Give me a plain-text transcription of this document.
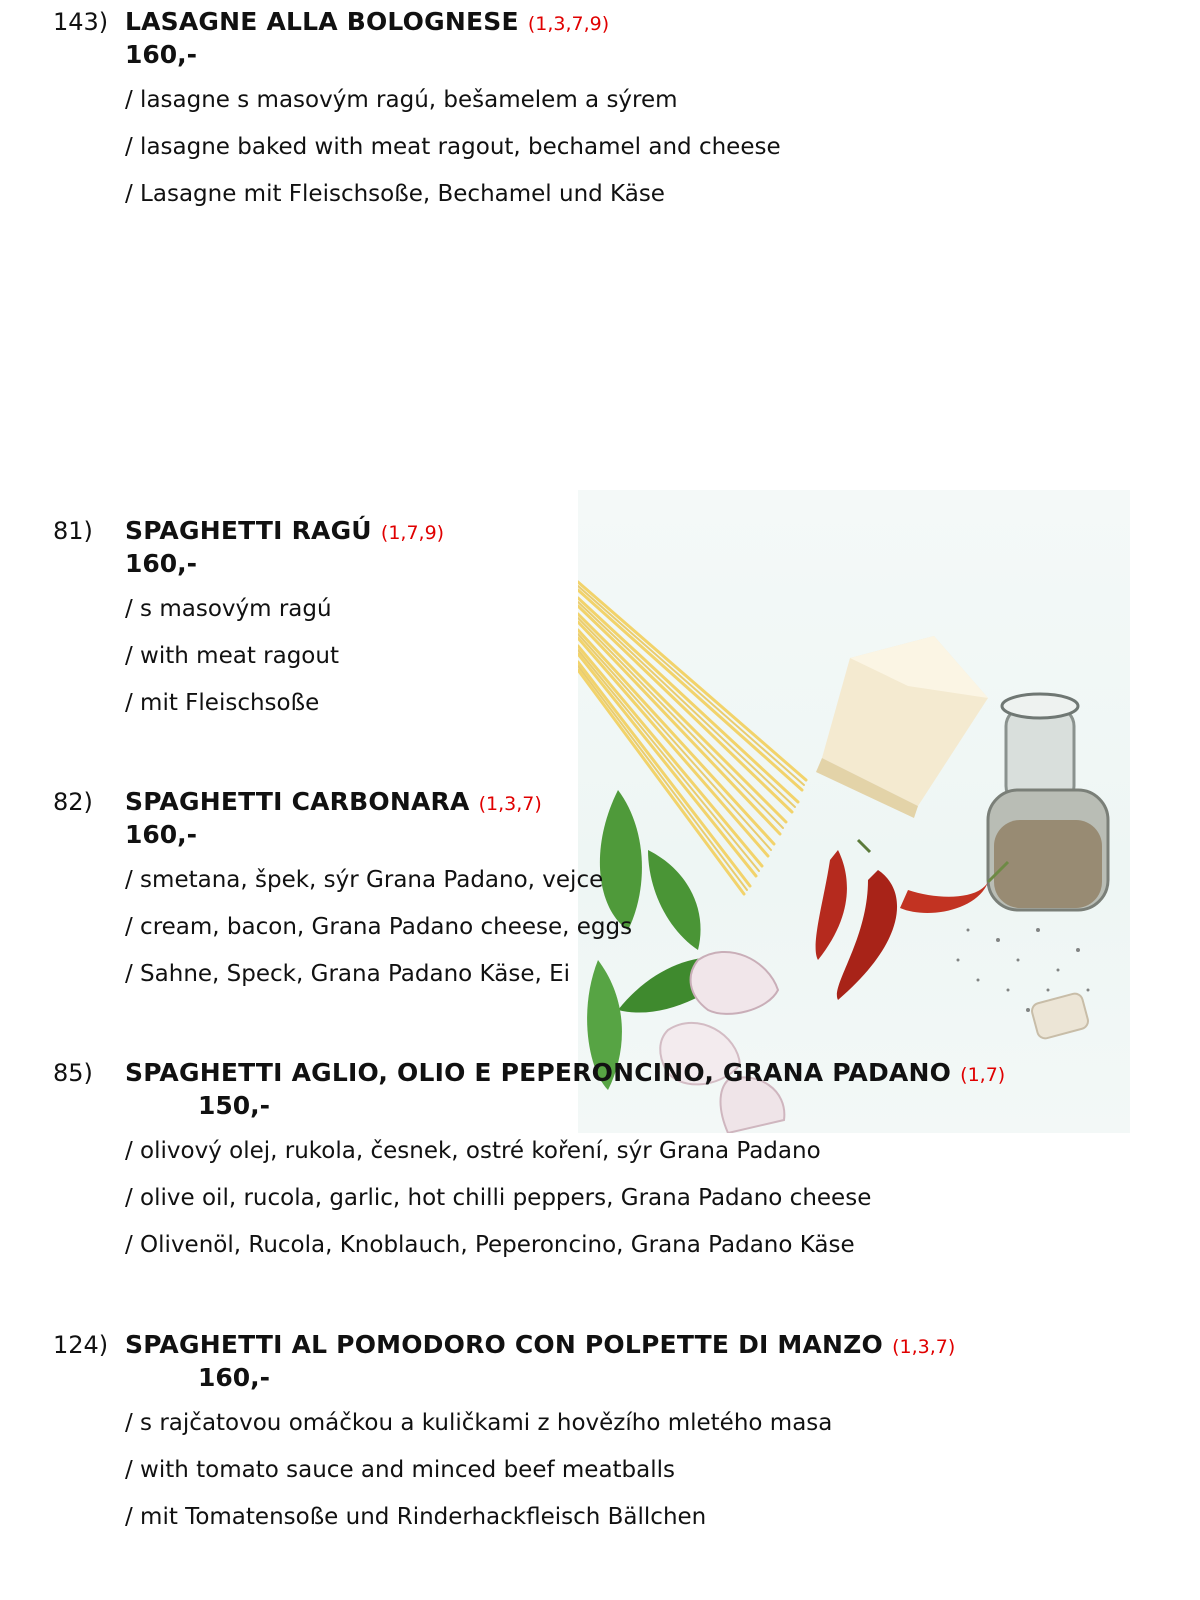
143) LASAGNE ALLA BOLOGNESE (1,3,7,9)
160,-
/ lasagne s masovým ragú, bešamelem a sýrem
/ lasagne baked with meat ragout, bechamel and cheese
/ Lasagne mit Fleischsoße, Bechamel und Käse
81) SPAGHETTI RAGÚ (1,7,9)
160,-
/ s masovým ragú
/ with meat ragout
/ mit Fleischsoße
82) SPAGHETTI CARBONARA (1,3,7)
160,-
/ smetana, špek, sýr Grana Padano, vejce
/ cream, bacon, Grana Padano cheese, eggs
/ Sahne, Speck, Grana Padano Käse, Ei
85) SPAGHETTI AGLIO, OLIO E PEPERONCINO, GRANA PADANO (1,7)
150,-
/ olivový olej, rukola, česnek, ostré koření, sýr Grana Padano
/ olive oil, rucola, garlic, hot chilli peppers, Grana Padano cheese
/ Olivenöl, Rucola, Knoblauch, Peperoncino, Grana Padano Käse
124) SPAGHETTI AL POMODORO CON POLPETTE DI MANZO (1,3,7)
160,-
/ s rajčatovou omáčkou a kuličkami z hovězího mletého masa
/ with tomato sauce and minced beef meatballs
/ mit Tomatensoße und Rinderhackfleisch Bällchen
